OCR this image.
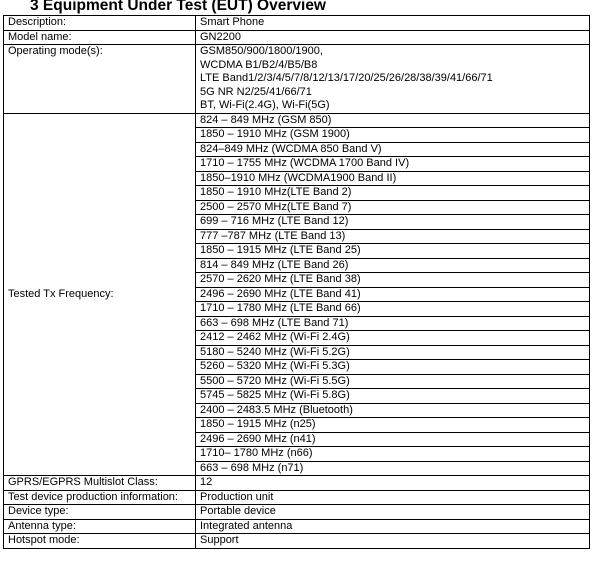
3 Equipment Under Test (EUT) Overview
Description:	Smart Phone
Model name:	GN2200
Operating mode(s):	GSM850/900/1800/1900,
WCDMA B1/B2/4/B5/B8
LTE Band1/2/3/4/5/7/8/12/13/17/20/25/26/28/38/39/41/66/71
5G NR N2/25/41/66/71
BT, Wi-Fi(2.4G), Wi-Fi(5G)

Tested Tx Frequency:	824 – 849 MHz (GSM 850)
	1850 – 1910 MHz (GSM 1900)
	824–849 MHz (WCDMA 850 Band V)
	1710 – 1755 MHz (WCDMA 1700 Band IV)
	1850–1910 MHz (WCDMA1900 Band II)
	1850 – 1910 MHz(LTE Band 2)
	2500 – 2570 MHz(LTE Band 7)
	699 – 716 MHz (LTE Band 12)
	777 –787 MHz (LTE Band 13)
	1850 – 1915 MHz (LTE Band 25)
	814 – 849 MHz (LTE Band 26)
	2570 – 2620 MHz (LTE Band 38)
	2496 – 2690 MHz (LTE Band 41)
	1710 – 1780 MHz (LTE Band 66)
	663 – 698 MHz (LTE Band 71)
	2412 – 2462 MHz (Wi-Fi 2.4G)
	5180 – 5240 MHz (Wi-Fi 5.2G)
	5260 – 5320 MHz (Wi-Fi 5.3G)
	5500 – 5720 MHz (Wi-Fi 5.5G)
	5745 – 5825 MHz (Wi-Fi 5.8G)
	2400 – 2483.5 MHz (Bluetooth)
	1850 – 1915 MHz (n25)
	2496 – 2690 MHz (n41)
	1710– 1780 MHz (n66)
	663 – 698 MHz (n71)
GPRS/EGPRS Multislot Class:	12
Test device production information:	Production unit
Device type:	Portable device
Antenna type:	Integrated antenna
Hotspot mode:	Support
